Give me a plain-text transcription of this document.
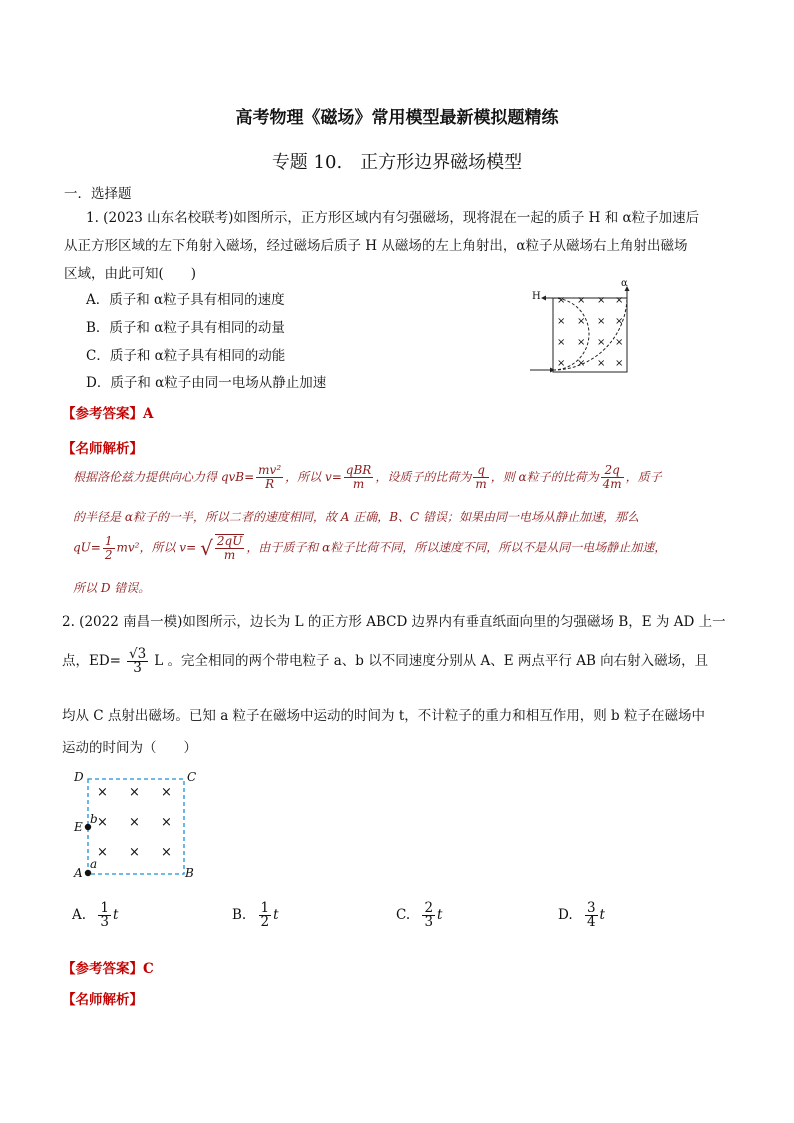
高考物理《磁场》常用模型最新模拟题精练
专题 10.　正方形边界磁场模型
一．选择题
1. (2023 山东名校联考)如图所示，正方形区域内有匀强磁场，现将混在一起的质子 H 和 α粒子加速后
从正方形区域的左下角射入磁场，经过磁场后质子 H 从磁场的左上角射出，α粒子从磁场右上角射出磁场
区域，由此可知(　　)
A．质子和 α粒子具有相同的速度
B．质子和 α粒子具有相同的动量
C．质子和 α粒子具有相同的动能
D．质子和 α粒子由同一电场从静止加速
H
α
× × × ×
× × × ×
× × × ×
× × × ×
【参考答案】A
【名师解析】
根据洛伦兹力提供向心力得 $qvB= \frac{\text{mv²}}{R}$ ，所以 $v= \frac{\text{qBR}}{m}$ ，设质子的比荷为 $\frac{q}{m}$ ，则 α粒子的比荷为 $\frac{2q}{4m}$ ，质子
的半径是 α粒子的一半，所以二者的速度相同，故 A 正确，B、C 错误；如果由同一电场从静止加速，那么
$qU= \frac{1}{2} mv^2$，所以 v= √ $\frac{2qU}{m}$ ，由于质子和 α粒子比荷不同，所以速度不同，所以不是从同一电场静止加速，
所以 D 错误。
2. (2022 南昌一模)如图所示，边长为 L 的正方形 ABCD 边界内有垂直纸面向里的匀强磁场 B，E 为 AD 上一
点，$ED= \frac{√3}{3}$ L 。完全相同的两个带电粒子 a、b 以不同速度分别从 A、E 两点平行 AB 向右射入磁场，且
均从 C 点射出磁场。已知 a 粒子在磁场中运动的时间为 t，不计粒子的重力和相互作用，则 b 粒子在磁场中
运动的时间为（　　）
D	C
E
A	B
b
a
× × ×
× × ×
× × ×
A. $\frac{1}{3}$ t	B. $\frac{1}{2}$ t	C. $\frac{2}{3}$ t	D. $\frac{3}{4}$ t
【参考答案】C
【名师解析】
